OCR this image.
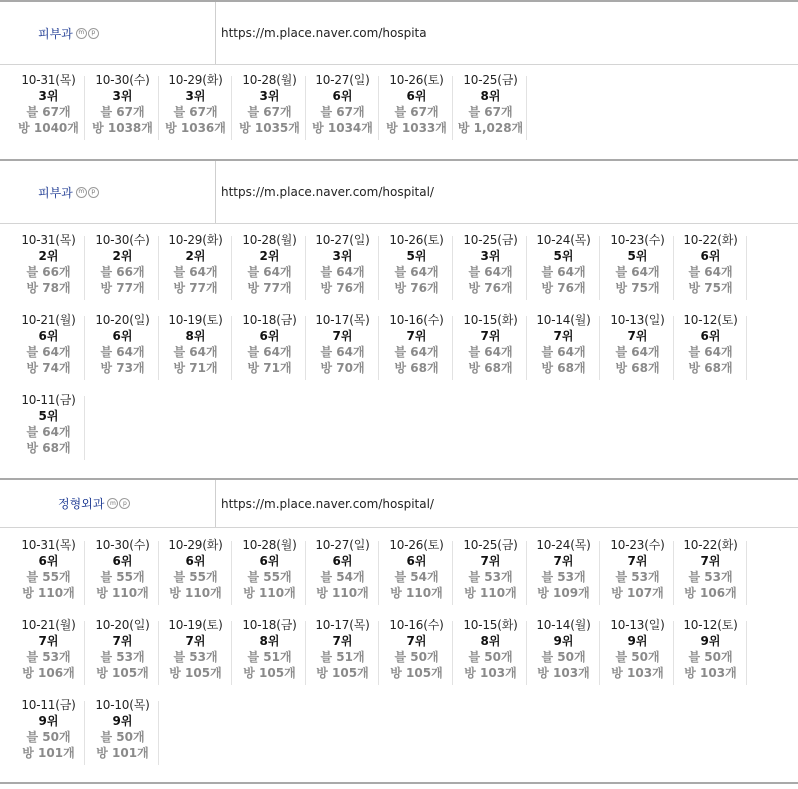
피부과 m	p	https://m.place.naver.com/hospita
10-31(목)
3위
블 67개
방 1040개
10-30(수)
3위
블 67개
방 1038개
10-29(화)
3위
블 67개
방 1036개
10-28(월)
3위
블 67개
방 1035개
10-27(일)
6위
블 67개
방 1034개
10-26(토)
6위
블 67개
방 1033개
10-25(금)
8위
블 67개
방 1,028개
피부과 m	p	https://m.place.naver.com/hospital/
10-31(목)
2위
블 66개
방 78개
10-30(수)
2위
블 66개
방 77개
10-29(화)
2위
블 64개
방 77개
10-28(월)
2위
블 64개
방 77개
10-27(일)
3위
블 64개
방 76개
10-26(토)
5위
블 64개
방 76개
10-25(금)
3위
블 64개
방 76개
10-24(목)
5위
블 64개
방 76개
10-23(수)
5위
블 64개
방 75개
10-22(화)
6위
블 64개
방 75개
10-21(월)
6위
블 64개
방 74개
10-20(일)
6위
블 64개
방 73개
10-19(토)
8위
블 64개
방 71개
10-18(금)
6위
블 64개
방 71개
10-17(목)
7위
블 64개
방 70개
10-16(수)
7위
블 64개
방 68개
10-15(화)
7위
블 64개
방 68개
10-14(월)
7위
블 64개
방 68개
10-13(일)
7위
블 64개
방 68개
10-12(토)
6위
블 64개
방 68개
10-11(금)
5위
블 64개
방 68개
정형외과 m	p	https://m.place.naver.com/hospital/
10-31(목)
6위
블 55개
방 110개
10-30(수)
6위
블 55개
방 110개
10-29(화)
6위
블 55개
방 110개
10-28(월)
6위
블 55개
방 110개
10-27(일)
6위
블 54개
방 110개
10-26(토)
6위
블 54개
방 110개
10-25(금)
7위
블 53개
방 110개
10-24(목)
7위
블 53개
방 109개
10-23(수)
7위
블 53개
방 107개
10-22(화)
7위
블 53개
방 106개
10-21(월)
7위
블 53개
방 106개
10-20(일)
7위
블 53개
방 105개
10-19(토)
7위
블 53개
방 105개
10-18(금)
8위
블 51개
방 105개
10-17(목)
7위
블 51개
방 105개
10-16(수)
7위
블 50개
방 105개
10-15(화)
8위
블 50개
방 103개
10-14(월)
9위
블 50개
방 103개
10-13(일)
9위
블 50개
방 103개
10-12(토)
9위
블 50개
방 103개
10-11(금)
9위
블 50개
방 101개
10-10(목)
9위
블 50개
방 101개
